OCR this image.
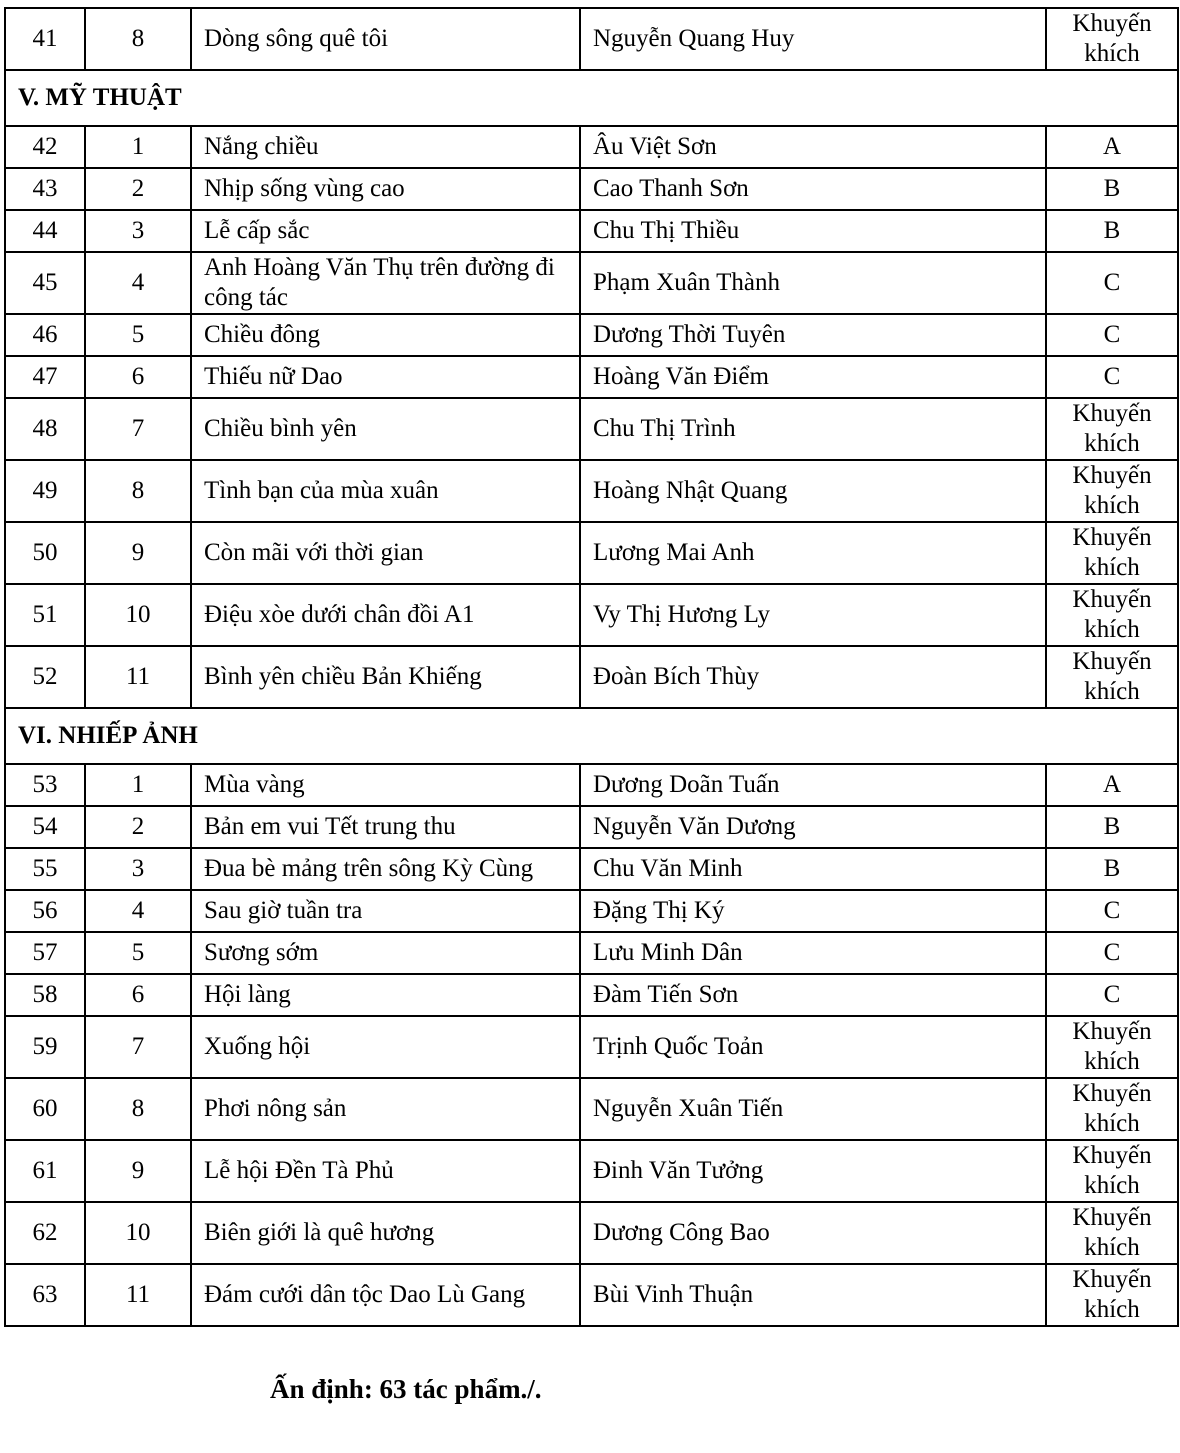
41	8	Dòng sông quê tôi	Nguyễn Quang Huy	Khuyến khích
V. MỸ THUẬT				
42	1	Nắng chiều	Âu Việt Sơn	A
43	2	Nhịp sống vùng cao	Cao Thanh Sơn	B
44	3	Lễ cấp sắc	Chu Thị Thiều	B
45	4	Anh Hoàng Văn Thụ trên đường đi công tác	Phạm Xuân Thành	C
46	5	Chiều đông	Dương Thời Tuyên	C
47	6	Thiếu nữ Dao	Hoàng Văn Điểm	C
48	7	Chiều bình yên	Chu Thị Trình	Khuyến khích
49	8	Tình bạn của mùa xuân	Hoàng Nhật Quang	Khuyến khích
50	9	Còn mãi với thời gian	Lương Mai Anh	Khuyến khích
51	10	Điệu xòe dưới chân đồi A1	Vy Thị Hương Ly	Khuyến khích
52	11	Bình yên chiều Bản Khiếng	Đoàn Bích Thùy	Khuyến khích
VI. NHIẾP ẢNH				
53	1	Mùa vàng	Dương Doãn Tuấn	A
54	2	Bản em vui Tết trung thu	Nguyễn Văn Dương	B
55	3	Đua bè mảng trên sông Kỳ Cùng	Chu Văn Minh	B
56	4	Sau giờ tuần tra	Đặng Thị Ký	C
57	5	Sương sớm	Lưu Minh Dân	C
58	6	Hội làng	Đàm Tiến Sơn	C
59	7	Xuống hội	Trịnh Quốc Toản	Khuyến khích
60	8	Phơi nông sản	Nguyễn Xuân Tiến	Khuyến khích
61	9	Lễ hội Đền Tà Phủ	Đinh Văn Tưởng	Khuyến khích
62	10	Biên giới là quê hương	Dương Công Bao	Khuyến khích
63	11	Đám cưới dân tộc Dao Lù Gang	Bùi Vinh Thuận	Khuyến khích
Ấn định: 63 tác phẩm./.
